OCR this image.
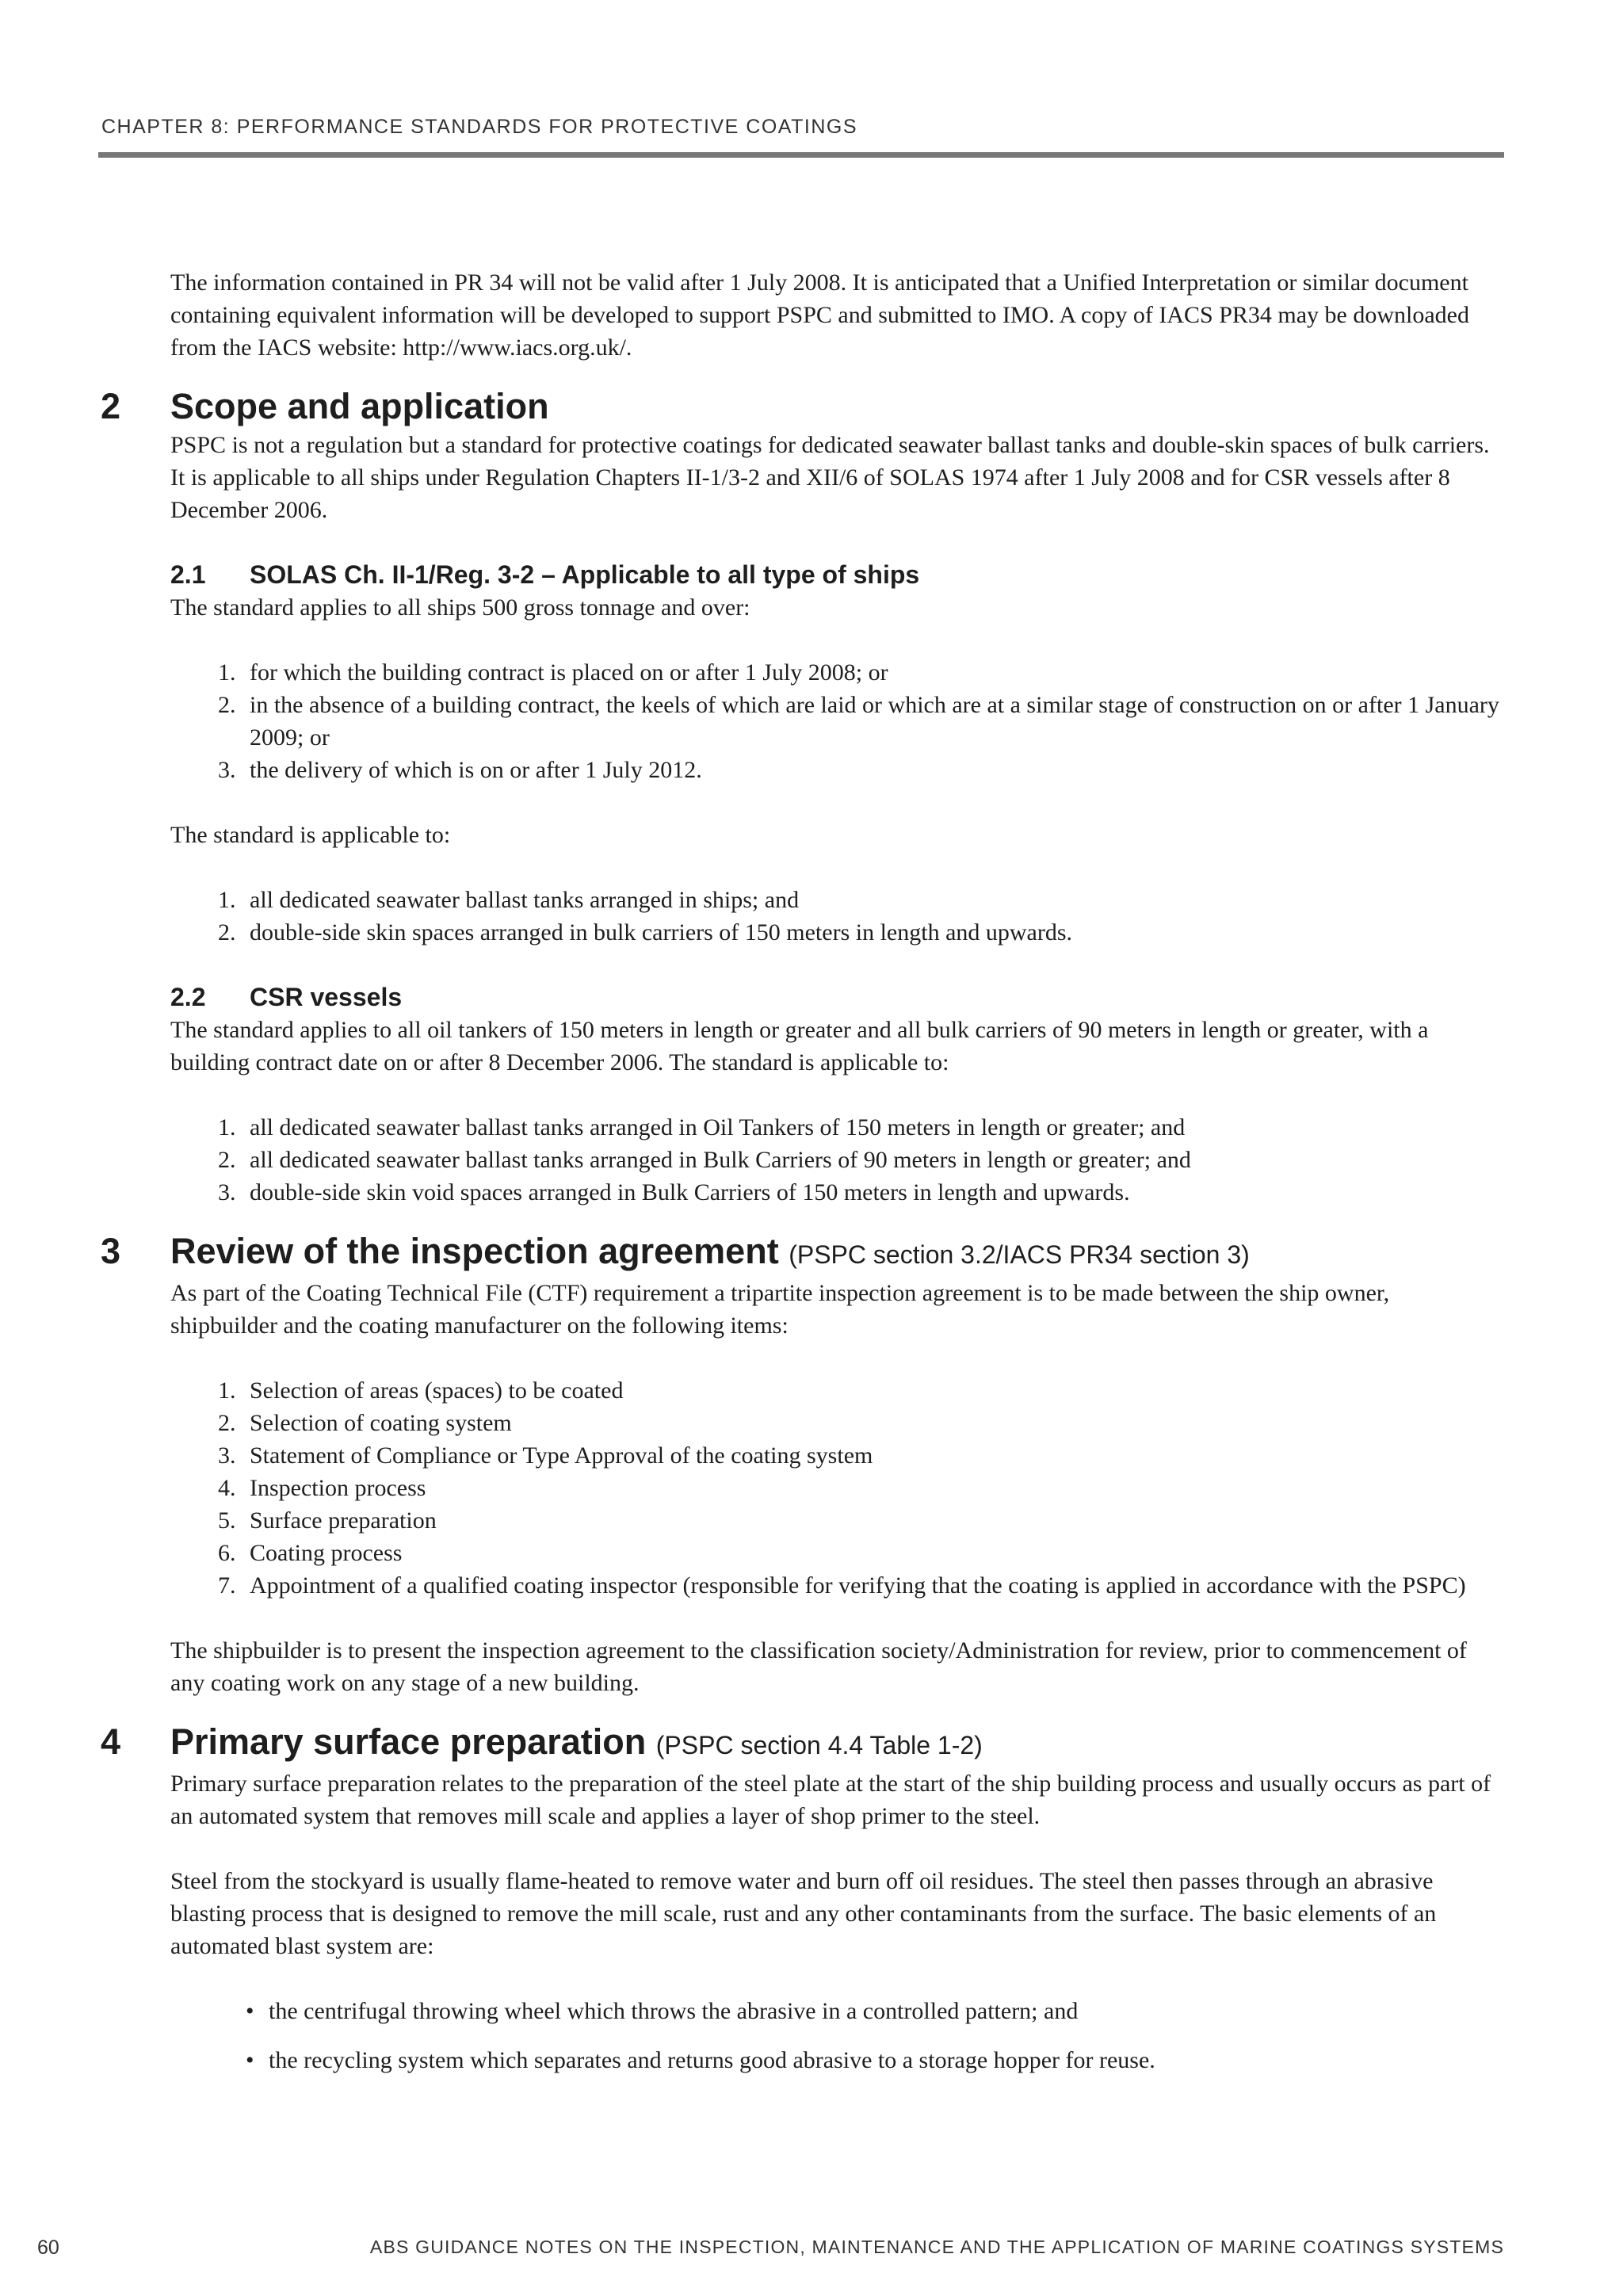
CHAPTER 8: PERFORMANCE STANDARDS FOR PROTECTIVE COATINGS

The information contained in PR 34 will not be valid after 1 July 2008. It is anticipated that a Unified Interpretation or similar document containing equivalent information will be developed to support PSPC and submitted to IMO. A copy of IACS PR34 may be downloaded from the IACS website: http://www.iacs.org.uk/.

2 Scope and application

PSPC is not a regulation but a standard for protective coatings for dedicated seawater ballast tanks and double-skin spaces of bulk carriers. It is applicable to all ships under Regulation Chapters II-1/3-2 and XII/6 of SOLAS 1974 after 1 July 2008 and for CSR vessels after 8 December 2006.

2.1 SOLAS Ch. II-1/Reg. 3-2 – Applicable to all type of ships

The standard applies to all ships 500 gross tonnage and over:

1. for which the building contract is placed on or after 1 July 2008; or
2. in the absence of a building contract, the keels of which are laid or which are at a similar stage of construction on or after 1 January 2009; or
3. the delivery of which is on or after 1 July 2012.

The standard is applicable to:

1. all dedicated seawater ballast tanks arranged in ships; and
2. double-side skin spaces arranged in bulk carriers of 150 meters in length and upwards.
2.2 CSR vessels

The standard applies to all oil tankers of 150 meters in length or greater and all bulk carriers of 90 meters in length or greater, with a building contract date on or after 8 December 2006. The standard is applicable to:

1. all dedicated seawater ballast tanks arranged in Oil Tankers of 150 meters in length or greater; and
2. all dedicated seawater ballast tanks arranged in Bulk Carriers of 90 meters in length or greater; and
3. double-side skin void spaces arranged in Bulk Carriers of 150 meters in length and upwards.
3 Review of the inspection agreement (PSPC section 3.2/IACS PR34 section 3)

As part of the Coating Technical File (CTF) requirement a tripartite inspection agreement is to be made between the ship owner, shipbuilder and the coating manufacturer on the following items:

1. Selection of areas (spaces) to be coated
2. Selection of coating system
3. Statement of Compliance or Type Approval of the coating system
4. Inspection process
5. Surface preparation
6. Coating process
7. Appointment of a qualified coating inspector (responsible for verifying that the coating is applied in accordance with the PSPC)

The shipbuilder is to present the inspection agreement to the classification society/Administration for review, prior to commencement of any coating work on any stage of a new building.

4 Primary surface preparation (PSPC section 4.4 Table 1-2)

Primary surface preparation relates to the preparation of the steel plate at the start of the ship building process and usually occurs as part of an automated system that removes mill scale and applies a layer of shop primer to the steel.

Steel from the stockyard is usually flame-heated to remove water and burn off oil residues. The steel then passes through an abrasive blasting process that is designed to remove the mill scale, rust and any other contaminants from the surface. The basic elements of an automated blast system are:

• the centrifugal throwing wheel which throws the abrasive in a controlled pattern; and
• the recycling system which separates and returns good abrasive to a storage hopper for reuse.
60	ABS GUIDANCE NOTES ON THE INSPECTION, MAINTENANCE AND THE APPLICATION OF MARINE COATINGS SYSTEMS
